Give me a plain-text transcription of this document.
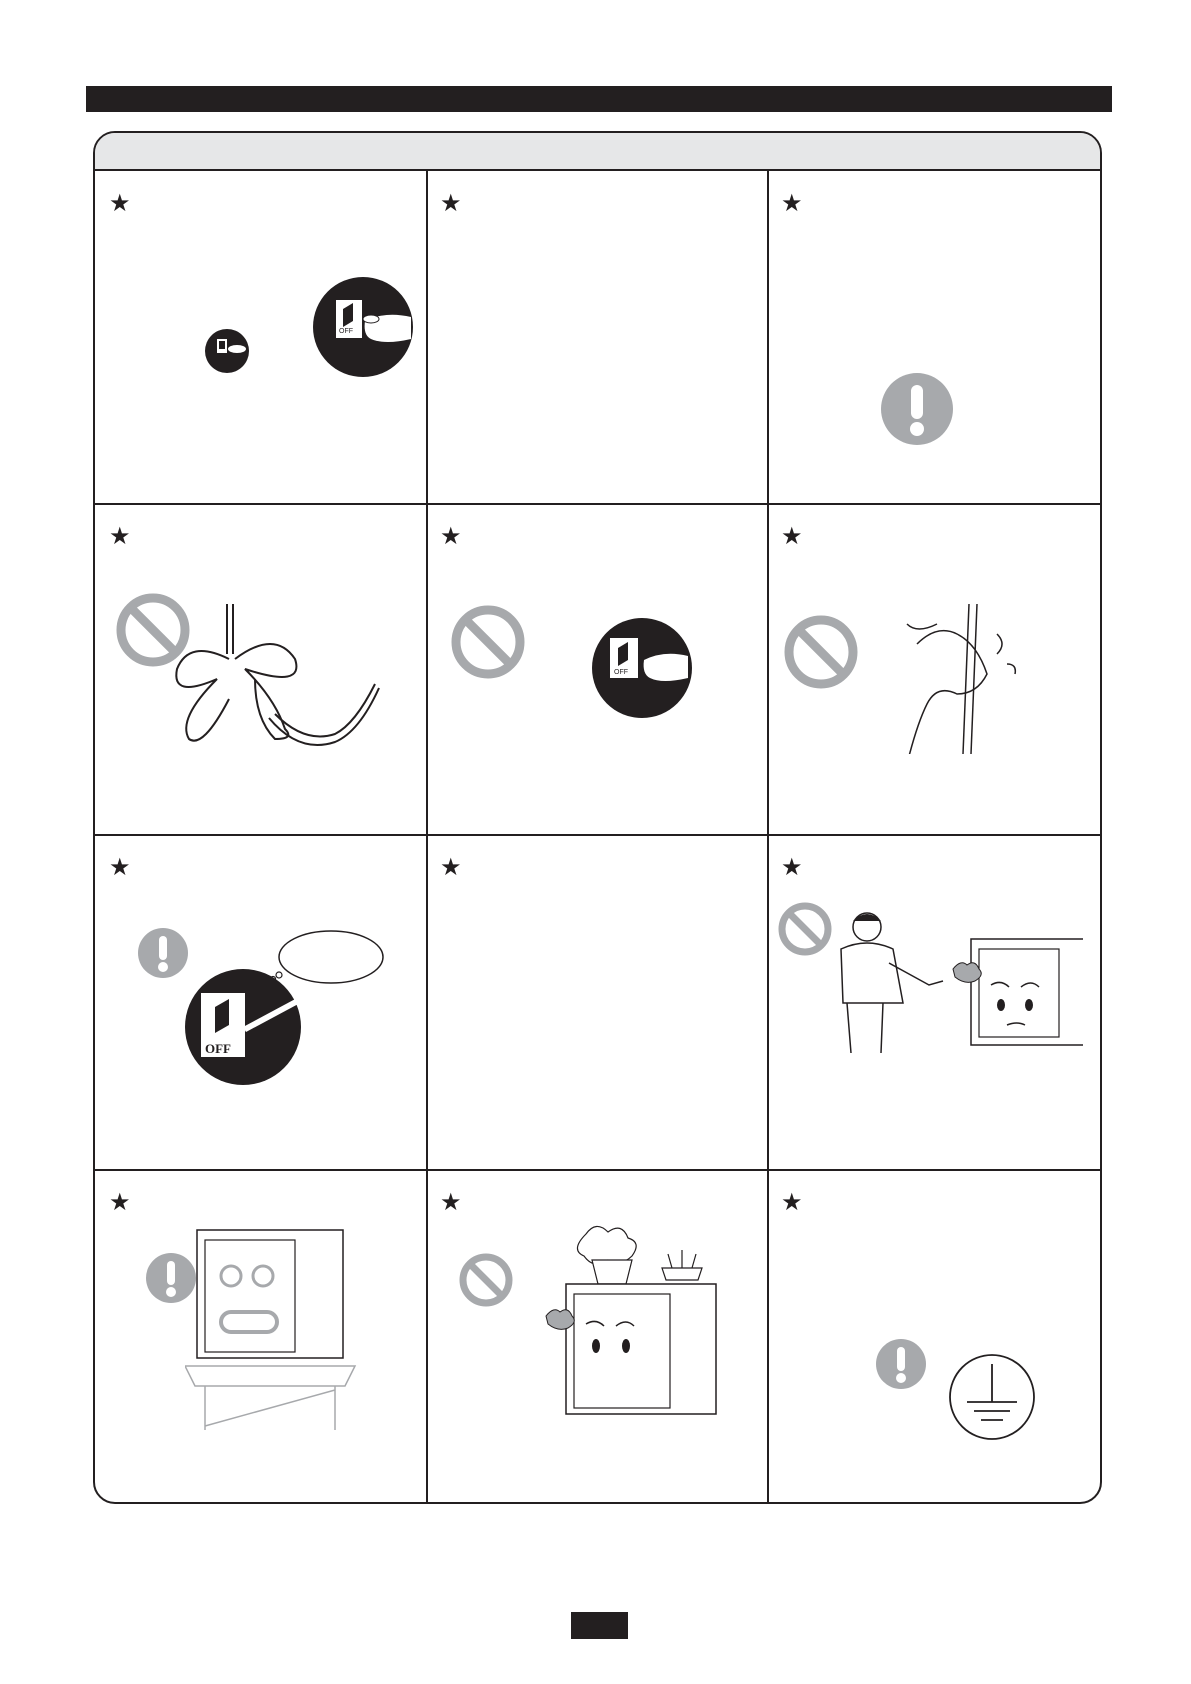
★
OFF
★	★
★	★
OFF
★
★
OFF
★	★
★	★	★
